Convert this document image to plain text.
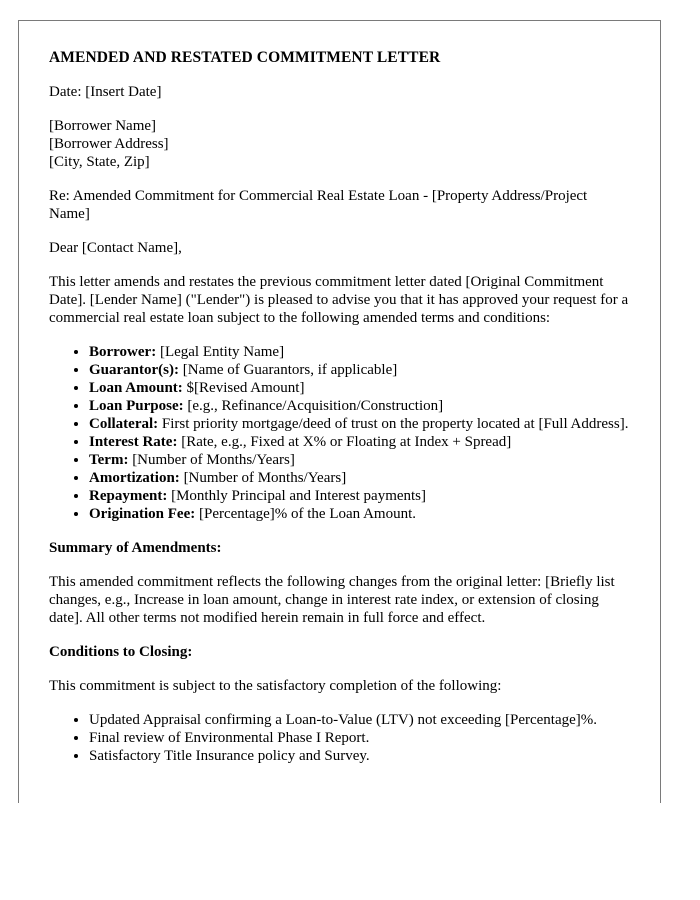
AMENDED AND RESTATED COMMITMENT LETTER

Date: [Insert Date]

[Borrower Name]
[Borrower Address]
[City, State, Zip]

Re: Amended Commitment for Commercial Real Estate Loan - [Property Address/Project Name]

Dear [Contact Name],

This letter amends and restates the previous commitment letter dated [Original Commitment Date]. [Lender Name] ("Lender") is pleased to advise you that it has approved your request for a commercial real estate loan subject to the following amended terms and conditions:

• Borrower: [Legal Entity Name]
• Guarantor(s): [Name of Guarantors, if applicable]
• Loan Amount: $[Revised Amount]
• Loan Purpose: [e.g., Refinance/Acquisition/Construction]
• Collateral: First priority mortgage/deed of trust on the property located at [Full Address].
• Interest Rate: [Rate, e.g., Fixed at X% or Floating at Index + Spread]
• Term: [Number of Months/Years]
• Amortization: [Number of Months/Years]
• Repayment: [Monthly Principal and Interest payments]
• Origination Fee: [Percentage]% of the Loan Amount.
Summary of Amendments:

This amended commitment reflects the following changes from the original letter: [Briefly list changes, e.g., Increase in loan amount, change in interest rate index, or extension of closing date]. All other terms not modified herein remain in full force and effect.

Conditions to Closing:

This commitment is subject to the satisfactory completion of the following:

• Updated Appraisal confirming a Loan-to-Value (LTV) not exceeding [Percentage]%.
• Final review of Environmental Phase I Report.
• Satisfactory Title Insurance policy and Survey.
